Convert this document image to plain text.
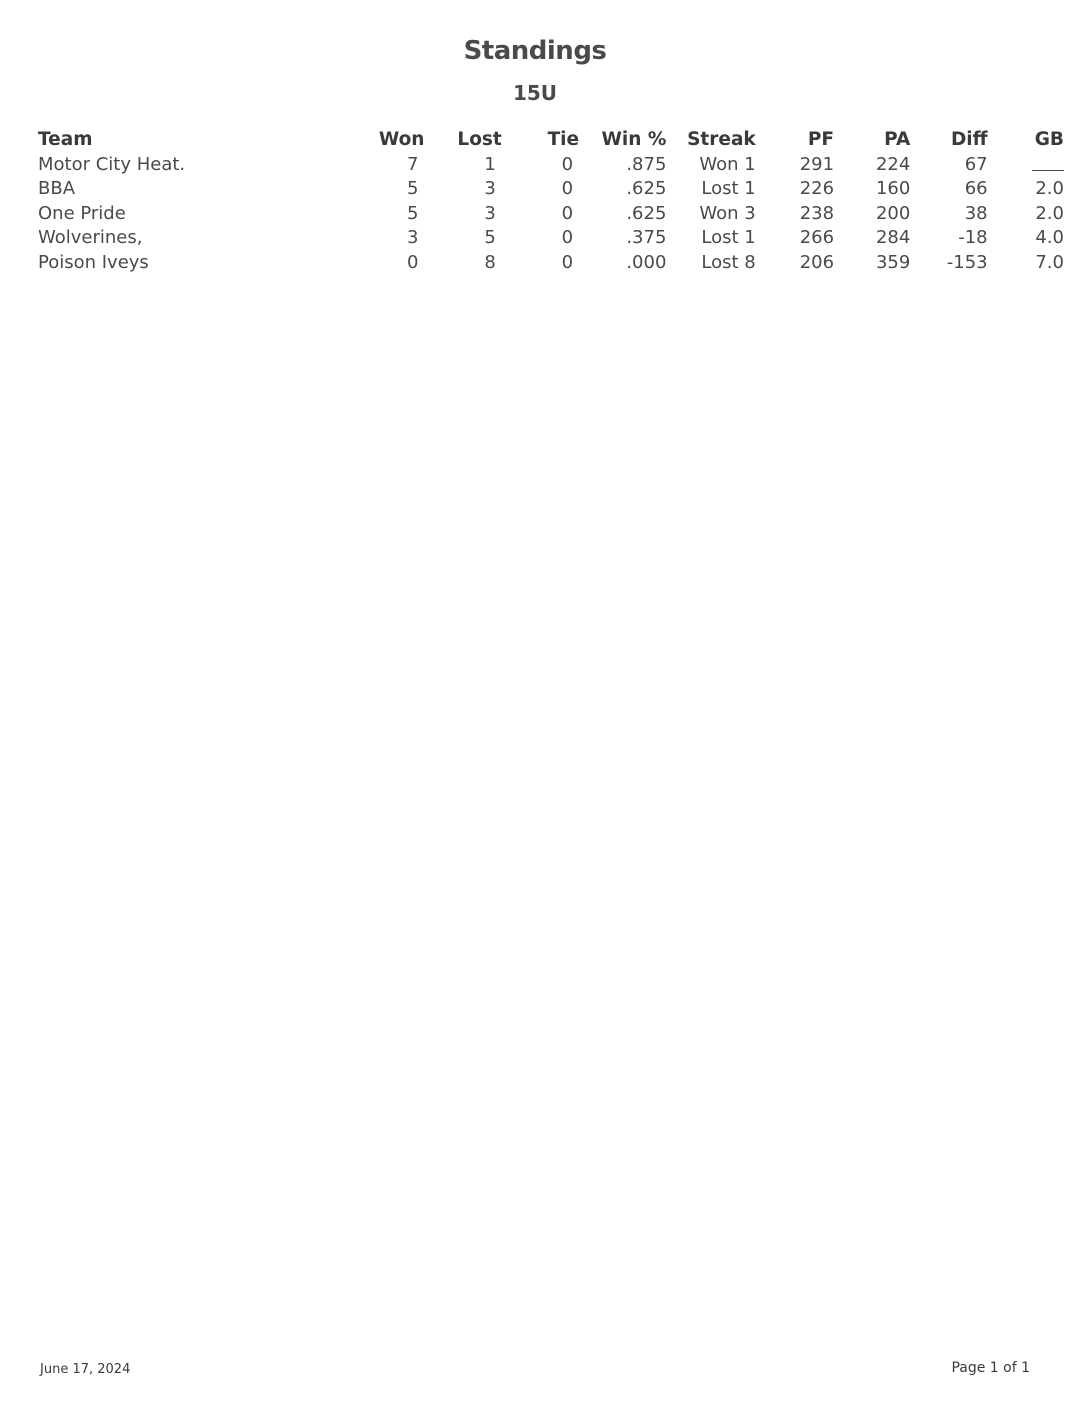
Standings
15U
Team	Won	Lost	Tie	Win %	Streak	PF	PA	Diff	GB
Motor City Heat.	7	1	0	.875	Won 1	291	224	67	
BBA	5	3	0	.625	Lost 1	226	160	66	2.0
One Pride	5	3	0	.625	Won 3	238	200	38	2.0
Wolverines,	3	5	0	.375	Lost 1	266	284	-18	4.0
Poison Iveys	0	8	0	.000	Lost 8	206	359	-153	7.0
June 17, 2024	Page 1 of 1
